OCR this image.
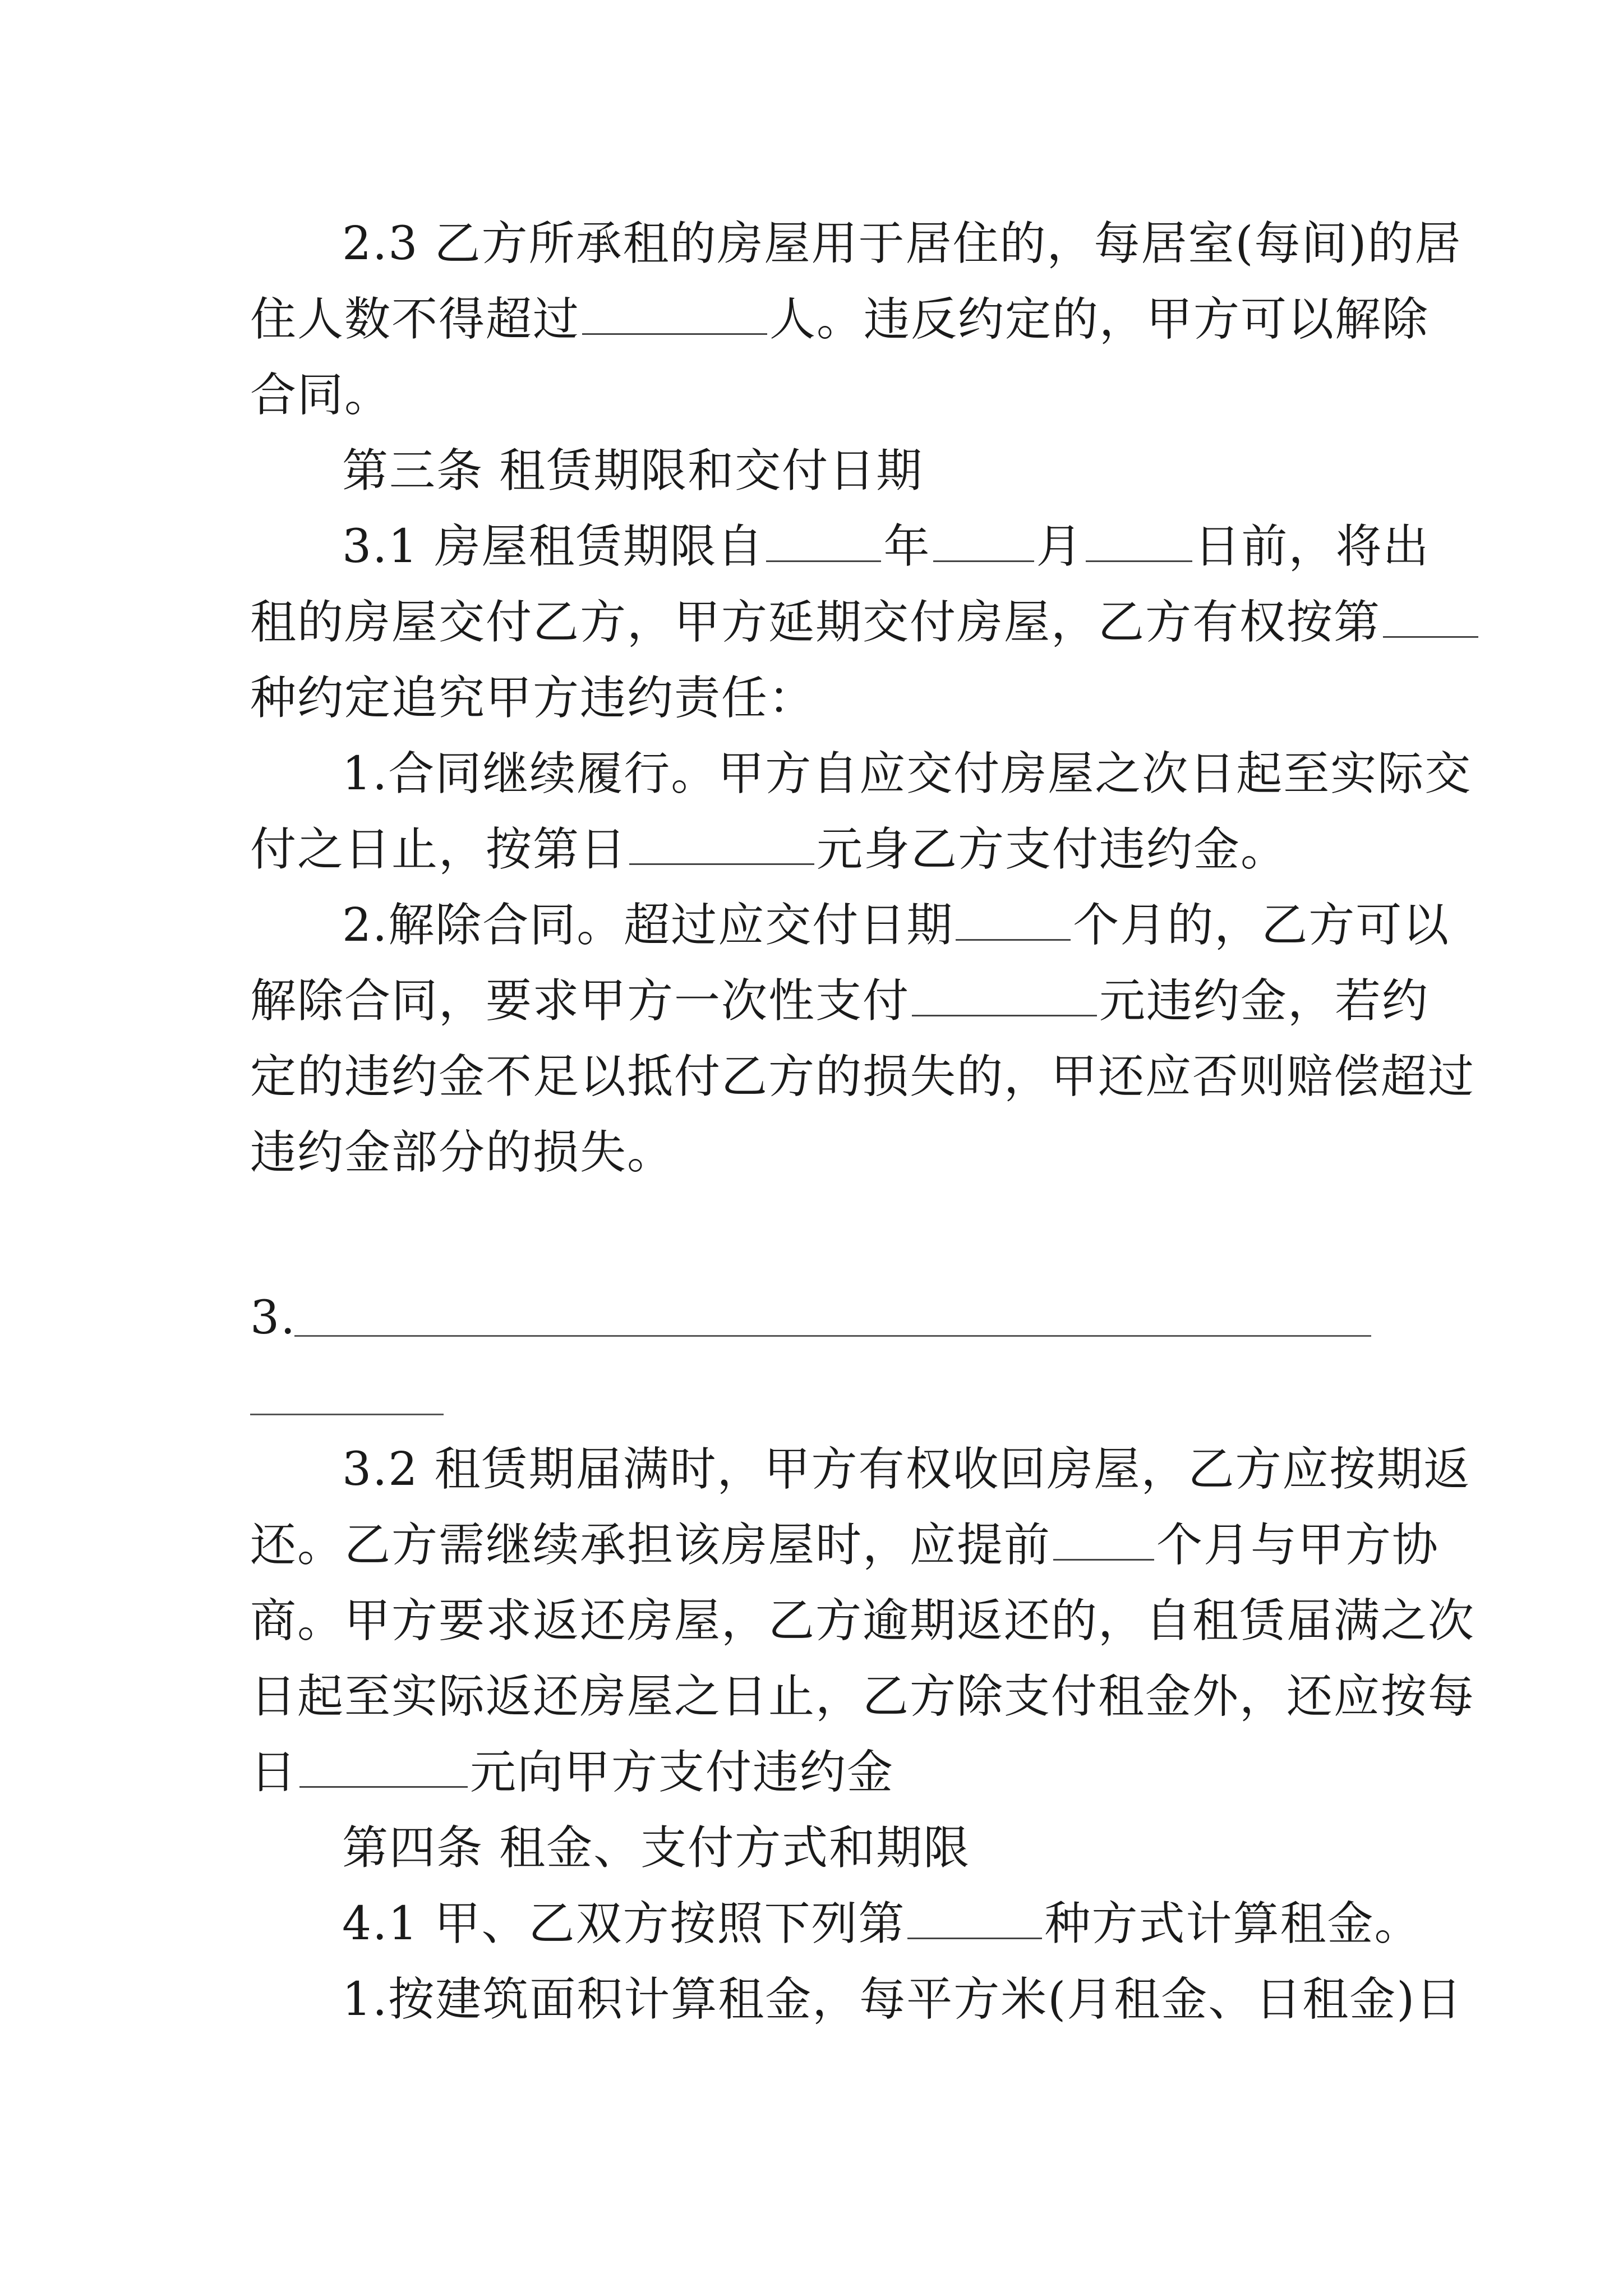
2.3 乙方所承租的房屋用于居住的，每居室(每间)的居
住人数不得超过	人。违反约定的，甲方可以解除
合同。
第三条 租赁期限和交付日期
3.1 房屋租赁期限自	年 月 日前，将出
租的房屋交付乙方，甲方延期交付房屋，乙方有权按第
种约定追究甲方违约责任：
1.合同继续履行。甲方自应交付房屋之次日起至实际交
付之日止，按第日	元身乙方支付违约金。
2.解除合同。超过应交付日期	个月的，乙方可以
解除合同，要求甲方一次性支付	元违约金，若约
定的违约金不足以抵付乙方的损失的，甲还应否则赔偿超过
违约金部分的损失。
3.
3.2 租赁期届满时，甲方有权收回房屋，乙方应按期返
还。乙方需继续承担该房屋时，应提前 个月与甲方协
商。甲方要求返还房屋，乙方逾期返还的，自租赁届满之次
日起至实际返还房屋之日止，乙方除支付租金外，还应按每
日	元向甲方支付违约金
第四条 租金、支付方式和期限
4.1 甲、乙双方按照下列第	种方式计算租金。
1.按建筑面积计算租金，每平方米(月租金、日租金)日
